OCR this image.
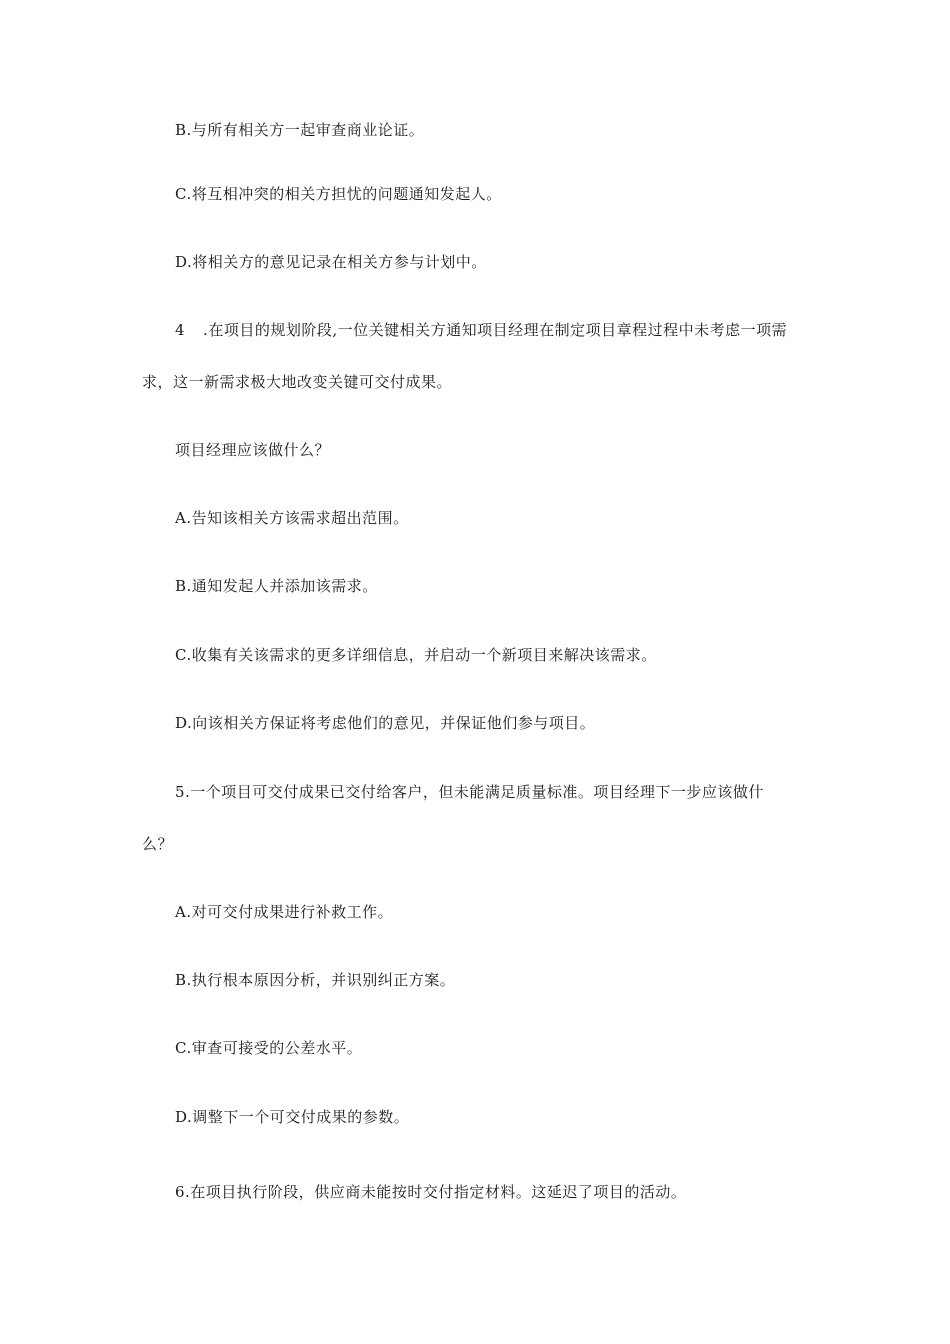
B.与所有相关方一起审查商业论证。
C.将互相冲突的相关方担忧的问题通知发起人。
D.将相关方的意见记录在相关方参与计划中。
4 .在项目的规划阶段,一位关键相关方通知项目经理在制定项目章程过程中未考虑一项需
求，这一新需求极大地改变关键可交付成果。
项目经理应该做什么？
A.告知该相关方该需求超出范围。
B.通知发起人并添加该需求。
C.收集有关该需求的更多详细信息，并启动一个新项目来解决该需求。
D.向该相关方保证将考虑他们的意见，并保证他们参与项目。
5.一个项目可交付成果已交付给客户，但未能满足质量标准。项目经理下一步应该做什
么？
A.对可交付成果进行补救工作。
B.执行根本原因分析，并识别纠正方案。
C.审查可接受的公差水平。
D.调整下一个可交付成果的参数。
6.在项目执行阶段，供应商未能按时交付指定材料。这延迟了项目的活动。
